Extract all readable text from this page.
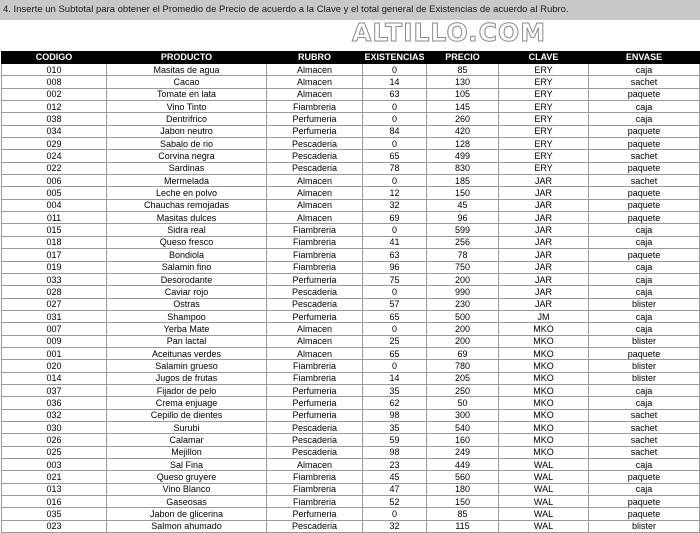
4. Inserte un Subtotal para obtener el Promedio de Precio de acuerdo a la Clave y el total general de Existencias de acuerdo al Rubro.
ALTILLO.COM
CODIGO	PRODUCTO	RUBRO	EXISTENCIAS	PRECIO	CLAVE	ENVASE
010	Masitas de agua	Almacen	0	85	ERY	caja
008	Cacao	Almacen	14	130	ERY	sachet
002	Tomate en lata	Almacen	63	105	ERY	paquete
012	Vino Tinto	Fiambreria	0	145	ERY	caja
038	Dentrifrico	Perfumeria	0	260	ERY	caja
034	Jabon neutro	Perfumeria	84	420	ERY	paquete
029	Sabalo de rio	Pescaderia	0	128	ERY	paquete
024	Corvina negra	Pescaderia	65	499	ERY	sachet
022	Sardinas	Pescaderia	78	830	ERY	paquete
006	Mermelada	Almacen	0	185	JAR	sachet
005	Leche en polvo	Almacen	12	150	JAR	paquete
004	Chauchas remojadas	Almacen	32	45	JAR	paquete
011	Masitas dulces	Almacen	69	96	JAR	paquete
015	Sidra real	Fiambreria	0	599	JAR	caja
018	Queso fresco	Fiambreria	41	256	JAR	caja
017	Bondiola	Fiambreria	63	78	JAR	paquete
019	Salamin fino	Fiambreria	96	750	JAR	caja
033	Desorodante	Perfumeria	75	200	JAR	caja
028	Caviar rojo	Pescaderia	0	990	JAR	caja
027	Ostras	Pescaderia	57	230	JAR	blister
031	Shampoo	Perfumeria	65	500	JM	caja
007	Yerba Mate	Almacen	0	200	MKO	caja
009	Pan lactal	Almacen	25	200	MKO	blister
001	Aceitunas verdes	Almacen	65	69	MKO	paquete
020	Salamin grueso	Fiambreria	0	780	MKO	blister
014	Jugos de frutas	Fiambreria	14	205	MKO	blister
037	Fijador de pelo	Perfumeria	35	250	MKO	caja
036	Crema enjuage	Perfumeria	62	50	MKO	caja
032	Cepillo de dientes	Perfumeria	98	300	MKO	sachet
030	Surubi	Pescaderia	35	540	MKO	sachet
026	Calamar	Pescaderia	59	160	MKO	sachet
025	Mejillon	Pescaderia	98	249	MKO	sachet
003	Sal Fina	Almacen	23	449	WAL	caja
021	Queso gruyere	Fiambreria	45	560	WAL	paquete
013	Vino Blanco	Fiambreria	47	180	WAL	caja
016	Gaseosas	Fiambreria	52	150	WAL	paquete
035	Jabon de glicerina	Perfumeria	0	85	WAL	paquete
023	Salmon ahumado	Pescaderia	32	115	WAL	blister
